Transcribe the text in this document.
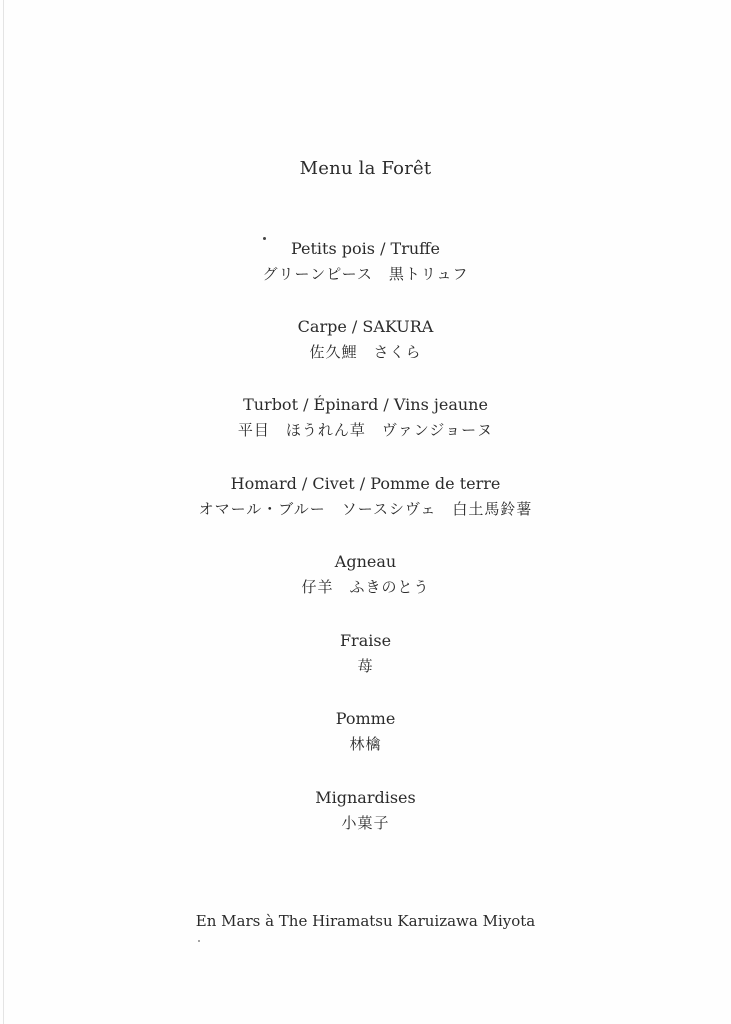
Menu la Forêt
Petits pois / Truffe
グリーンピース　黒トリュフ
Carpe / SAKURA
佐久鯉　さくら
Turbot / Épinard / Vins jeaune
平目　ほうれん草　ヴァンジョーヌ
Homard / Civet / Pomme de terre
オマール・ブルー　ソースシヴェ　白土馬鈴薯
Agneau
仔羊　ふきのとう
Fraise
苺
Pomme
林檎
Mignardises
小菓子
En Mars à The Hiramatsu Karuizawa Miyota
